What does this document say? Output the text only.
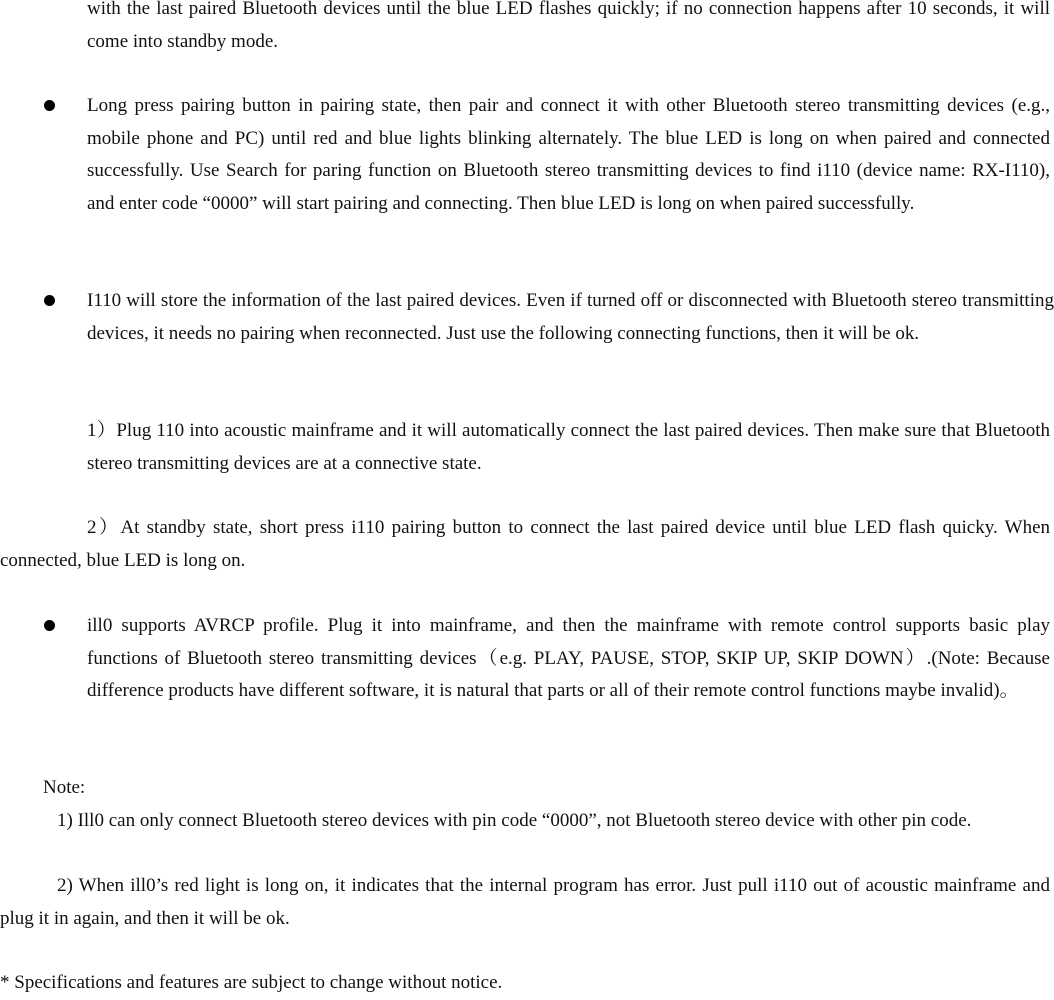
with the last paired Bluetooth devices until the blue LED flashes quickly; if no connection happens after 10 seconds, it will come into standby mode.

Long press pairing button in pairing state, then pair and connect it with other Bluetooth stereo transmitting devices (e.g., mobile phone and PC) until red and blue lights blinking alternately. The blue LED is long on when paired and connected successfully. Use Search for paring function on Bluetooth stereo transmitting devices to find i110 (device name: RX-I110), and enter code “0000” will start pairing and connecting. Then blue LED is long on when paired successfully.

I110 will store the information of the last paired devices. Even if turned off or disconnected with Bluetooth stereo transmitting devices, it needs no pairing when reconnected. Just use the following connecting functions, then it will be ok.

1）Plug 110 into acoustic mainframe and it will automatically connect the last paired devices. Then make sure that Bluetooth stereo transmitting devices are at a connective state.

2）At standby state, short press i110 pairing button to connect the last paired device until blue LED flash quicky. When connected, blue LED is long on.

ill0 supports AVRCP profile. Plug it into mainframe, and then the mainframe with remote control supports basic play functions of Bluetooth stereo transmitting devices（e.g. PLAY, PAUSE, STOP, SKIP UP, SKIP DOWN）.(Note: Because difference products have different software, it is natural that parts or all of their remote control functions maybe invalid)。

Note:

1) Ill0 can only connect Bluetooth stereo devices with pin code “0000”, not Bluetooth stereo device with other pin code.

2) When ill0’s red light is long on, it indicates that the internal program has error. Just pull i110 out of acoustic mainframe and plug it in again, and then it will be ok.

* Specifications and features are subject to change without notice.
